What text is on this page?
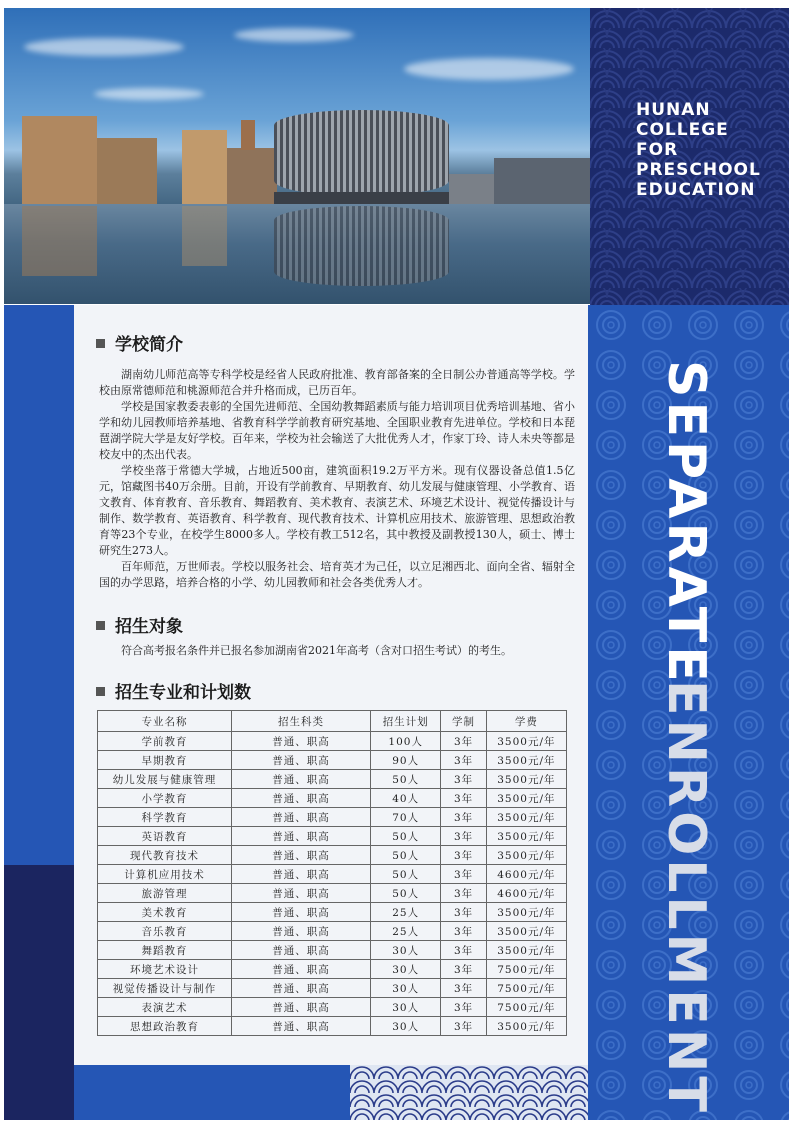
HUNAN
COLLEGE
FOR
PRESCHOOL
EDUCATION
SEPARATE
ENROLLMENT
学校简介

湖南幼儿师范高等专科学校是经省人民政府批准、教育部备案的全日制公办普通高等学校。学校由原常德师范和桃源师范合并升格而成，已历百年。

学校是国家教委表彰的全国先进师范、全国幼教舞蹈素质与能力培训项目优秀培训基地、省小学和幼儿园教师培养基地、省教育科学学前教育研究基地、全国职业教育先进单位。学校和日本琵琶湖学院大学是友好学校。百年来，学校为社会输送了大批优秀人才，作家丁玲、诗人未央等都是校友中的杰出代表。

学校坐落于常德大学城，占地近500亩，建筑面积19.2万平方米。现有仪器设备总值1.5亿元，馆藏图书40万余册。目前，开设有学前教育、早期教育、幼儿发展与健康管理、小学教育、语文教育、体育教育、音乐教育、舞蹈教育、美术教育、表演艺术、环境艺术设计、视觉传播设计与制作、数学教育、英语教育、科学教育、现代教育技术、计算机应用技术、旅游管理、思想政治教育等23个专业，在校学生8000多人。学校有教工512名，其中教授及副教授130人，硕士、博士研究生273人。

百年师范，万世师表。学校以服务社会、培育英才为己任，以立足湘西北、面向全省、辐射全国的办学思路，培养合格的小学、幼儿园教师和社会各类优秀人才。

招生对象

符合高考报名条件并已报名参加湖南省2021年高考（含对口招生考试）的考生。

招生专业和计划数
专业名称	招生科类	招生计划	学制	学费
学前教育	普通、职高	100人	3年	3500元/年
早期教育	普通、职高	90人	3年	3500元/年
幼儿发展与健康管理	普通、职高	50人	3年	3500元/年
小学教育	普通、职高	40人	3年	3500元/年
科学教育	普通、职高	70人	3年	3500元/年
英语教育	普通、职高	50人	3年	3500元/年
现代教育技术	普通、职高	50人	3年	3500元/年
计算机应用技术	普通、职高	50人	3年	4600元/年
旅游管理	普通、职高	50人	3年	4600元/年
美术教育	普通、职高	25人	3年	3500元/年
音乐教育	普通、职高	25人	3年	3500元/年
舞蹈教育	普通、职高	30人	3年	3500元/年
环境艺术设计	普通、职高	30人	3年	7500元/年
视觉传播设计与制作	普通、职高	30人	3年	7500元/年
表演艺术	普通、职高	30人	3年	7500元/年
思想政治教育	普通、职高	30人	3年	3500元/年
